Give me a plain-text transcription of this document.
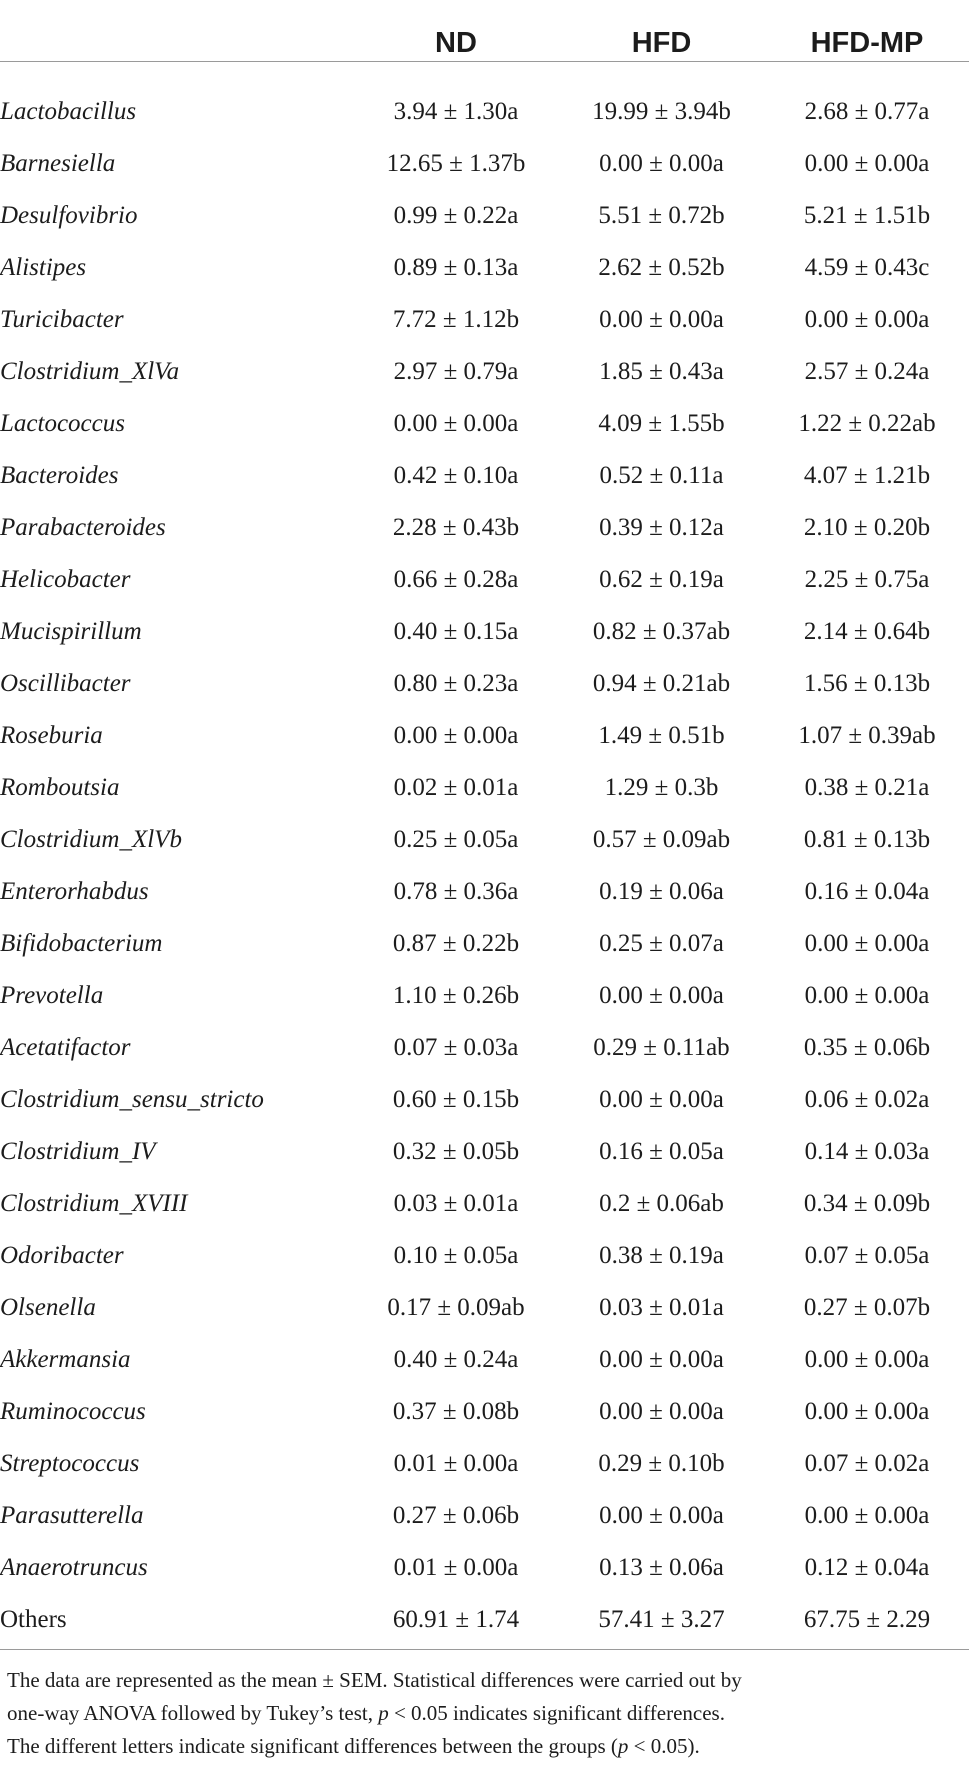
	ND	HFD	HFD-MP

Lactobacillus	3.94 ± 1.30a	19.99 ± 3.94b	2.68 ± 0.77a
Barnesiella	12.65 ± 1.37b	0.00 ± 0.00a	0.00 ± 0.00a
Desulfovibrio	0.99 ± 0.22a	5.51 ± 0.72b	5.21 ± 1.51b
Alistipes	0.89 ± 0.13a	2.62 ± 0.52b	4.59 ± 0.43c
Turicibacter	7.72 ± 1.12b	0.00 ± 0.00a	0.00 ± 0.00a
Clostridium_XlVa	2.97 ± 0.79a	1.85 ± 0.43a	2.57 ± 0.24a
Lactococcus	0.00 ± 0.00a	4.09 ± 1.55b	1.22 ± 0.22ab
Bacteroides	0.42 ± 0.10a	0.52 ± 0.11a	4.07 ± 1.21b
Parabacteroides	2.28 ± 0.43b	0.39 ± 0.12a	2.10 ± 0.20b
Helicobacter	0.66 ± 0.28a	0.62 ± 0.19a	2.25 ± 0.75a
Mucispirillum	0.40 ± 0.15a	0.82 ± 0.37ab	2.14 ± 0.64b
Oscillibacter	0.80 ± 0.23a	0.94 ± 0.21ab	1.56 ± 0.13b
Roseburia	0.00 ± 0.00a	1.49 ± 0.51b	1.07 ± 0.39ab
Romboutsia	0.02 ± 0.01a	1.29 ± 0.3b	0.38 ± 0.21a
Clostridium_XlVb	0.25 ± 0.05a	0.57 ± 0.09ab	0.81 ± 0.13b
Enterorhabdus	0.78 ± 0.36a	0.19 ± 0.06a	0.16 ± 0.04a
Bifidobacterium	0.87 ± 0.22b	0.25 ± 0.07a	0.00 ± 0.00a
Prevotella	1.10 ± 0.26b	0.00 ± 0.00a	0.00 ± 0.00a
Acetatifactor	0.07 ± 0.03a	0.29 ± 0.11ab	0.35 ± 0.06b
Clostridium_sensu_stricto	0.60 ± 0.15b	0.00 ± 0.00a	0.06 ± 0.02a
Clostridium_IV	0.32 ± 0.05b	0.16 ± 0.05a	0.14 ± 0.03a
Clostridium_XVIII	0.03 ± 0.01a	0.2 ± 0.06ab	0.34 ± 0.09b
Odoribacter	0.10 ± 0.05a	0.38 ± 0.19a	0.07 ± 0.05a
Olsenella	0.17 ± 0.09ab	0.03 ± 0.01a	0.27 ± 0.07b
Akkermansia	0.40 ± 0.24a	0.00 ± 0.00a	0.00 ± 0.00a
Ruminococcus	0.37 ± 0.08b	0.00 ± 0.00a	0.00 ± 0.00a
Streptococcus	0.01 ± 0.00a	0.29 ± 0.10b	0.07 ± 0.02a
Parasutterella	0.27 ± 0.06b	0.00 ± 0.00a	0.00 ± 0.00a
Anaerotruncus	0.01 ± 0.00a	0.13 ± 0.06a	0.12 ± 0.04a
Others	60.91 ± 1.74	57.41 ± 3.27	67.75 ± 2.29
The data are represented as the mean ± SEM. Statistical differences were carried out by
one-way ANOVA followed by Tukey’s test, p < 0.05 indicates significant differences.
The different letters indicate significant differences between the groups (p < 0.05).
